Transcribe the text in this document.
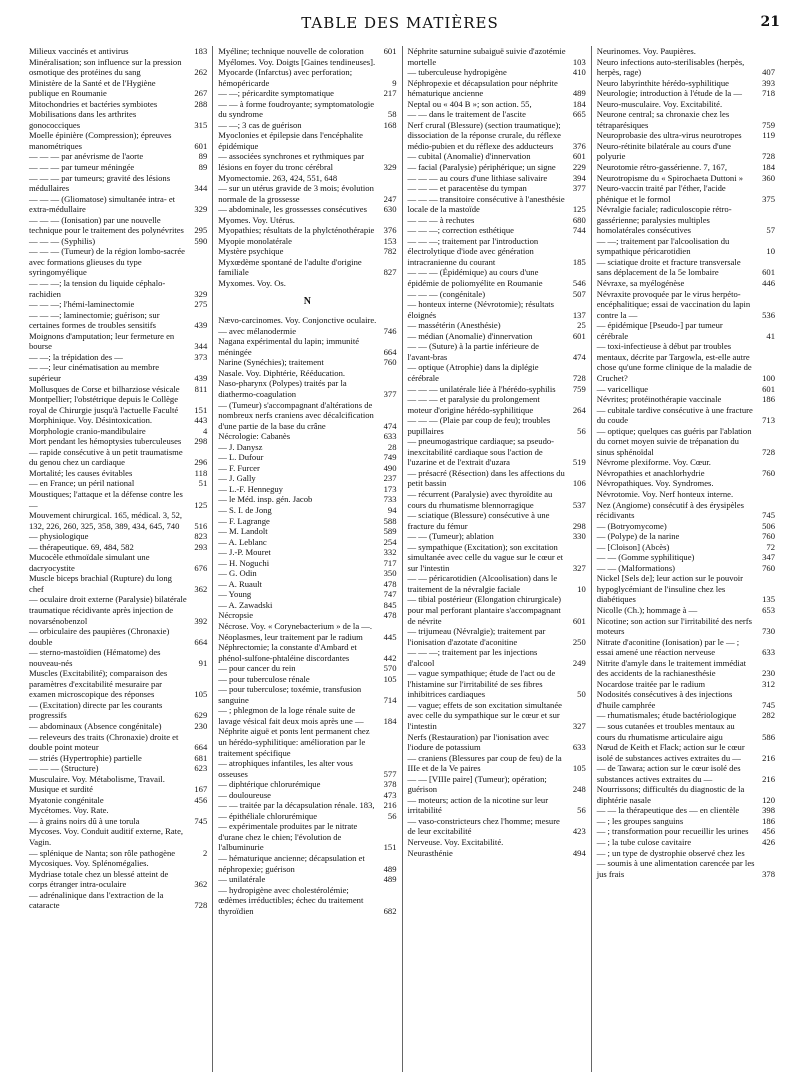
TABLE DES MATIÈRES	21
Milieux vaccinés et antivirus	183
Minéralisation; son influence sur la pression osmotique des protéines du sang	262
Ministère de la Santé et de l'Hygiène publique en Roumanie	267
Mitochondries et bactéries symbiotes	288
Mobilisations dans les arthrites gonococciques	315
Moelle épinière (Compression); épreuves manométriques	601
— — — par anévrisme de l'aorte	89
— — — par tumeur méningée	89
— — — par tumeurs; gravité des lésions médullaires	344
— — — (Gliomatose) simultanée intra- et extra-médullaire	329
— — — (Ionisation) par une nouvelle technique pour le traitement des polynévrites	295
— — — (Syphilis)	590
— — — (Tumeur) de la région lombo-sacrée avec formations glieuses du type syringomyélique
— — —; la tension du liquide céphalo-rachidien	329
— — —; l'hémi-laminectomie	275
— — —; laminectomie; guérison; sur certaines formes de troubles sensitifs	439
Moignons d'amputation; leur fermeture en bourse	344
— —; la trépidation des —	373
— —; leur cinématisation au membre supérieur	439
Mollusques de Corse et bilharziose vésicale	811
Montpellier; l'obstétrique depuis le Collège royal de Chirurgie jusqu'à l'actuelle Faculté	151
Morphinique. Voy. Désintoxication.	443
Morphologie cranio-mandibulaire	4
Mort pendant les hémoptysies tuberculeuses	298
— rapide consécutive à un petit traumatisme du genou chez un cardiaque	296
Mortalité; les causes évitables	118
— en France; un péril national	51
Moustiques; l'attaque et la défense contre les —	125
Mouvement chirurgical. 165, médical. 3, 52, 132, 226, 260, 325, 358, 389, 434, 645, 740	516
— physiologique	823
— thérapeutique. 69, 484, 582	293
Mucocèle ethmoïdale simulant une dacryocystite	676
Muscle biceps brachial (Rupture) du long chef	362
— oculaire droit externe (Paralysie) bilatérale traumatique récidivante après injection de novarsénobenzol	392
— orbiculaire des paupières (Chronaxie) double	664
— sterno-mastoïdien (Hématome) des nouveau-nés	91
Muscles (Excitabilité); comparaison des paramètres d'excitabilité mesuraire par examen microscopique des réponses	105
— (Excitation) directe par les courants progressifs	629
— abdominaux (Absence congénitale)	230
— releveurs des traits (Chronaxie) droite et double point moteur	664
— striés (Hypertrophie) partielle	681
— — — (Structure)	623
Musculaire. Voy. Métabolisme, Travail.
Musique et surdité	167
Myatonie congénitale	456
Mycétomes. Voy. Rate.
— à grains noirs dû à une torula	745
Mycoses. Voy. Conduit auditif externe, Rate, Vagin.
— splénique de Nanta; son rôle pathogène	2
Mycosiques. Voy. Splénomégalies.
Mydriase totale chez un blessé atteint de corps étranger intra-oculaire	362
— adrénalinique dans l'extraction de la cataracte	728
Myéline; technique nouvelle de coloration	601
Myélomes. Voy. Doigts [Gaines tendineuses].
Myocarde (Infarctus) avec perforation; hémopéricarde	9
— —; péricardite symptomatique	217
— — à forme foudroyante; symptomatologie du syndrome	58
— —; 3 cas de guérison	168
Myoclonies et épilepsie dans l'encéphalite épidémique
— associées synchrones et rythmiques par lésions en foyer du tronc cérébral	329
Myomectomie. 263, 424, 551, 648
— sur un utérus gravide de 3 mois; évolution normale de la grossesse	247
— abdominale, les grossesses consécutives	630
Myomes. Voy. Utérus.
Myopathies; résultats de la phylcténothérapie	376
Myopie monolatérale	153
Mystère psychique	782
Myxœdème spontané de l'adulte d'origine familiale	827
Myxomes. Voy. Os.
N
Nævo-carcinomes. Voy. Conjonctive oculaire.
— avec mélanodermie	746
Nagana expérimental du lapin; immunité méningée	664
Narine (Synéchies); traitement	760
Nasale. Voy. Diphtérie, Rééducation.
Naso-pharynx (Polypes) traités par la diathermo-coagulation	377
— (Tumeur) s'accompagnant d'altérations de nombreux nerfs craniens avec décalcification d'une partie de la base du crâne	474
Nécrologie: Cabanès	633
— J. Danysz	28
— L. Dufour	749
— F. Furcer	490
— J. Gally	237
— L.-F. Henneguy	173
— le Méd. insp. gén. Jacob	733
— S. I. de Jong	94
— F. Lagrange	588
— M. Landolt	589
— A. Leblanc	254
— J.-P. Mouret	332
— H. Noguchi	717
— G. Odin	350
— A. Ruault	478
— Young	747
— A. Zawadski	845
Nécropsie	478
Nécrose. Voy. « Corynebacterium » de la —.
Néoplasmes, leur traitement par le radium	445
Néphrectomie; la constante d'Ambard et phénol-sulfone-phtaléine discordantes	442
— pour cancer du rein	570
— pour tuberculose rénale	105
— pour tuberculose; toxémie, transfusion sanguine	714
— ; phlegmon de la loge rénale suite de lavage vésical fait deux mois après une —	184
Néphrite aiguë et ponts lent permanent chez un hérédo-syphilitique: amélioration par le traitement spécifique
— atrophiques infantiles, les alter vous osseuses	577
— diphtérique chlorurémique	378
— douloureuse	473
— — traitée par la décapsulation rénale. 183,	216
— épithéliale chlorurémique	56
— expérimentale produites par le nitrate d'urane chez le chien; l'évolution de l'albuminurie	151
— hématurique ancienne; décapsulation et néphropexie; guérison	489
— unilatérale	489
— hydropigène avec cholestérolémie; œdèmes irréductibles; échec du traitement thyroïdien	682
Néphrite saturnine subaiguë suivie d'azotémie mortelle	103
— tuberculeuse hydropigène	410
Néphropexie et décapsulation pour néphrite hématurique ancienne	489
Neptal ou « 404 B »; son action. 55,	184
— — dans le traitement de l'ascite	665
Nerf crural (Blessure) (section traumatique); dissociation de la réponse crurale, du réflexe médio-pubien et du réflexe des adducteurs	376
— cubital (Anomalie) d'innervation	601
— facial (Paralysie) périphérique; un signe	229
— — — au cours d'une lithiase salivaire	394
— — — et paracentèse du tympan	377
— — — transitoire consécutive à l'anesthésie locale de la mastoïde	125
— — — à rechutes	680
— — —; correction esthétique	744
— — —; traitement par l'introduction électrolytique d'iode avec génération intracranienne du courant	185
— — — (Épidémique) au cours d'une épidémie de poliomyélite en Roumanie	546
— — — (congénitale)	507
— honteux interne (Névrotomie); résultats éloignés	137
— massétérin (Anesthésie)	25
— médian (Anomalie) d'innervation	601
— — (Suture) à la partie inférieure de l'avant-bras	474
— optique (Atrophie) dans la diplégie cérébrale	728
— — — unilatérale liée à l'hérédo-syphilis	759
— — — et paralysie du prolongement moteur d'origine hérédo-syphilitique	264
— — — (Plaie par coup de feu); troubles pupillaires	56
— pneumogastrique cardiaque; sa pseudo-inexcitabilité cardiaque sous l'action de l'uzarine et de l'extrait d'uzara	519
— présacré (Résection) dans les affections du petit bassin	106
— récurrent (Paralysie) avec thyroïdite au cours du rhumatisme blennorragique	537
— sciatique (Blessure) consécutive à une fracture du fémur	298
— — (Tumeur); ablation	330
— sympathique (Excitation); son excitation simultanée avec celle du vague sur le cœur et sur l'intestin	327
— — péricarotidien (Alcoolisation) dans le traitement de la névralgie faciale	10
— tibial postérieur (Elongation chirurgicale) pour mal perforant plantaire s'accompagnant de névrite	601
— trijumeau (Névralgie); traitement par l'ionisation d'azotate d'aconitine	250
— — —; traitement par les injections d'alcool	249
— vague sympathique; étude de l'act ou de l'histamine sur l'irritabilité de ses fibres inhibitrices cardiaques	50
— vague; effets de son excitation simultanée avec celle du sympathique sur le cœur et sur l'intestin	327
Nerfs (Restauration) par l'ionisation avec l'iodure de potassium	633
— craniens (Blessures par coup de feu) de la IIIe et de la Ve paires	105
— — [VIIIe paire] (Tumeur); opération; guérison	248
— moteurs; action de la nicotine sur leur irritabilité	56
— vaso-constricteurs chez l'homme; mesure de leur excitabilité	423
Nerveuse. Voy. Excitabilité.
Neurasthénie	494
Neurinomes. Voy. Paupières.
Neuro infections auto-sterilisables (herpès, herpès, rage)	407
Neuro labyrinthite hérédo-syphilitique	393
Neurologie; introduction à l'étude de la —	718
Neuro-musculaire. Voy. Excitabilité.
Neurone central; sa chronaxie chez les tétraparésiques	759
Neuroprobasie des ultra-virus neurotropes	119
Neuro-rétinite bilatérale au cours d'une polyurie	728
Neurotomie rétro-gassérienne. 7, 167,	184
Neurotropisme du « Spirochaeta Duttoni »	360
Neuro-vaccin traité par l'éther, l'acide phénique et le formol	375
Névralgie faciale; radiculoscopie rétro-gassérienne; paralysies multiples homolatérales consécutives	57
— —; traitement par l'alcoolisation du sympathique péricarotidien	10
— sciatique droite et fracture transversale sans déplacement de la 5e lombaire	601
Névraxe, sa myélogénèse	446
Névraxite provoquée par le virus herpéto-encéphalitique; essai de vaccination du lapin contre la —	536
— épidémique [Pseudo-] par tumeur cérébrale	41
— toxi-infectieuse à début par troubles mentaux, décrite par Targowla, est-elle autre chose qu'une forme clinique de la maladie de Cruchet?	100
— varicellique	601
Névrites; protéinothérapie vaccinale	186
— cubitale tardive consécutive à une fracture du coude	713
— optique; quelques cas guéris par l'ablation du cornet moyen suivie de trépanation du sinus sphénoïdal	728
Névrome plexiforme. Voy. Cœur.
Névropathies et anachlorhydrie	760
Névropathiques. Voy. Syndromes.
Névrotomie. Voy. Nerf honteux interne.
Nez (Angiome) consécutif à des érysipèles récidivants	745
— (Botryomycome)	506
— (Polype) de la narine	760
— [Cloison] (Abcès)	72
— — (Gomme syphilitique)	347
— — (Malformations)	760
Nickel [Sels de]; leur action sur le pouvoir hypoglycémiant de l'insuline chez les diabétiques	135
Nicolle (Ch.); hommage à —	653
Nicotine; son action sur l'irritabilité des nerfs moteurs	730
Nitrate d'aconitine (Ionisation) par le — ; essai amené une réaction nerveuse	633
Nitrite d'amyle dans le traitement immédiat des accidents de la rachianesthésie	230
Nocardose traitée par le radium	312
Nodosités consécutives à des injections d'huile camphrée	745
— rhumatismales; étude bactériologique	282
— sous cutanées et troubles mentaux au cours du rhumatisme articulaire aigu	586
Nœud de Keith et Flack; action sur le cœur isolé de substances actives extraites du —	216
— de Tawara; action sur le cœur isolé des substances actives extraites du —	216
Nourrissons; difficultés du diagnostic de la diphtérie nasale	120
— — la thérapeutique des — en clientèle	398
— ; les groupes sanguins	186
— ; transformation pour recueillir les urines	456
— ; la tube culose cavitaire	426
— ; un type de dystrophie observé chez les — soumis à une alimentation carencée par les jus frais	378
